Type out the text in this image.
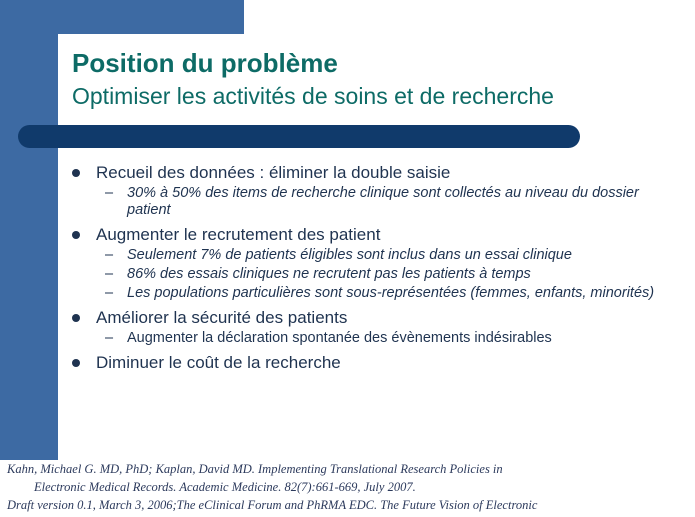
Position du problème
Optimiser les activités de soins et de recherche
Recueil des données : éliminer la double saisie
– 30% à 50% des items de recherche clinique sont collectés au niveau du dossier patient
Augmenter le recrutement des patient
– Seulement 7% de patients éligibles sont inclus dans un essai clinique
– 86% des essais cliniques ne recrutent pas les patients à temps
– Les populations particulières sont sous-représentées (femmes, enfants, minorités)
Améliorer la sécurité des patients
– Augmenter la déclaration spontanée des évènements indésirables
Diminuer le coût de la recherche
Kahn, Michael G. MD, PhD; Kaplan, David MD. Implementing Translational Research Policies in
Electronic Medical Records. Academic Medicine. 82(7):661-669, July 2007.
Draft version 0.1, March 3, 2006;The eClinical Forum and PhRMA EDC. The Future Vision of Electronic
